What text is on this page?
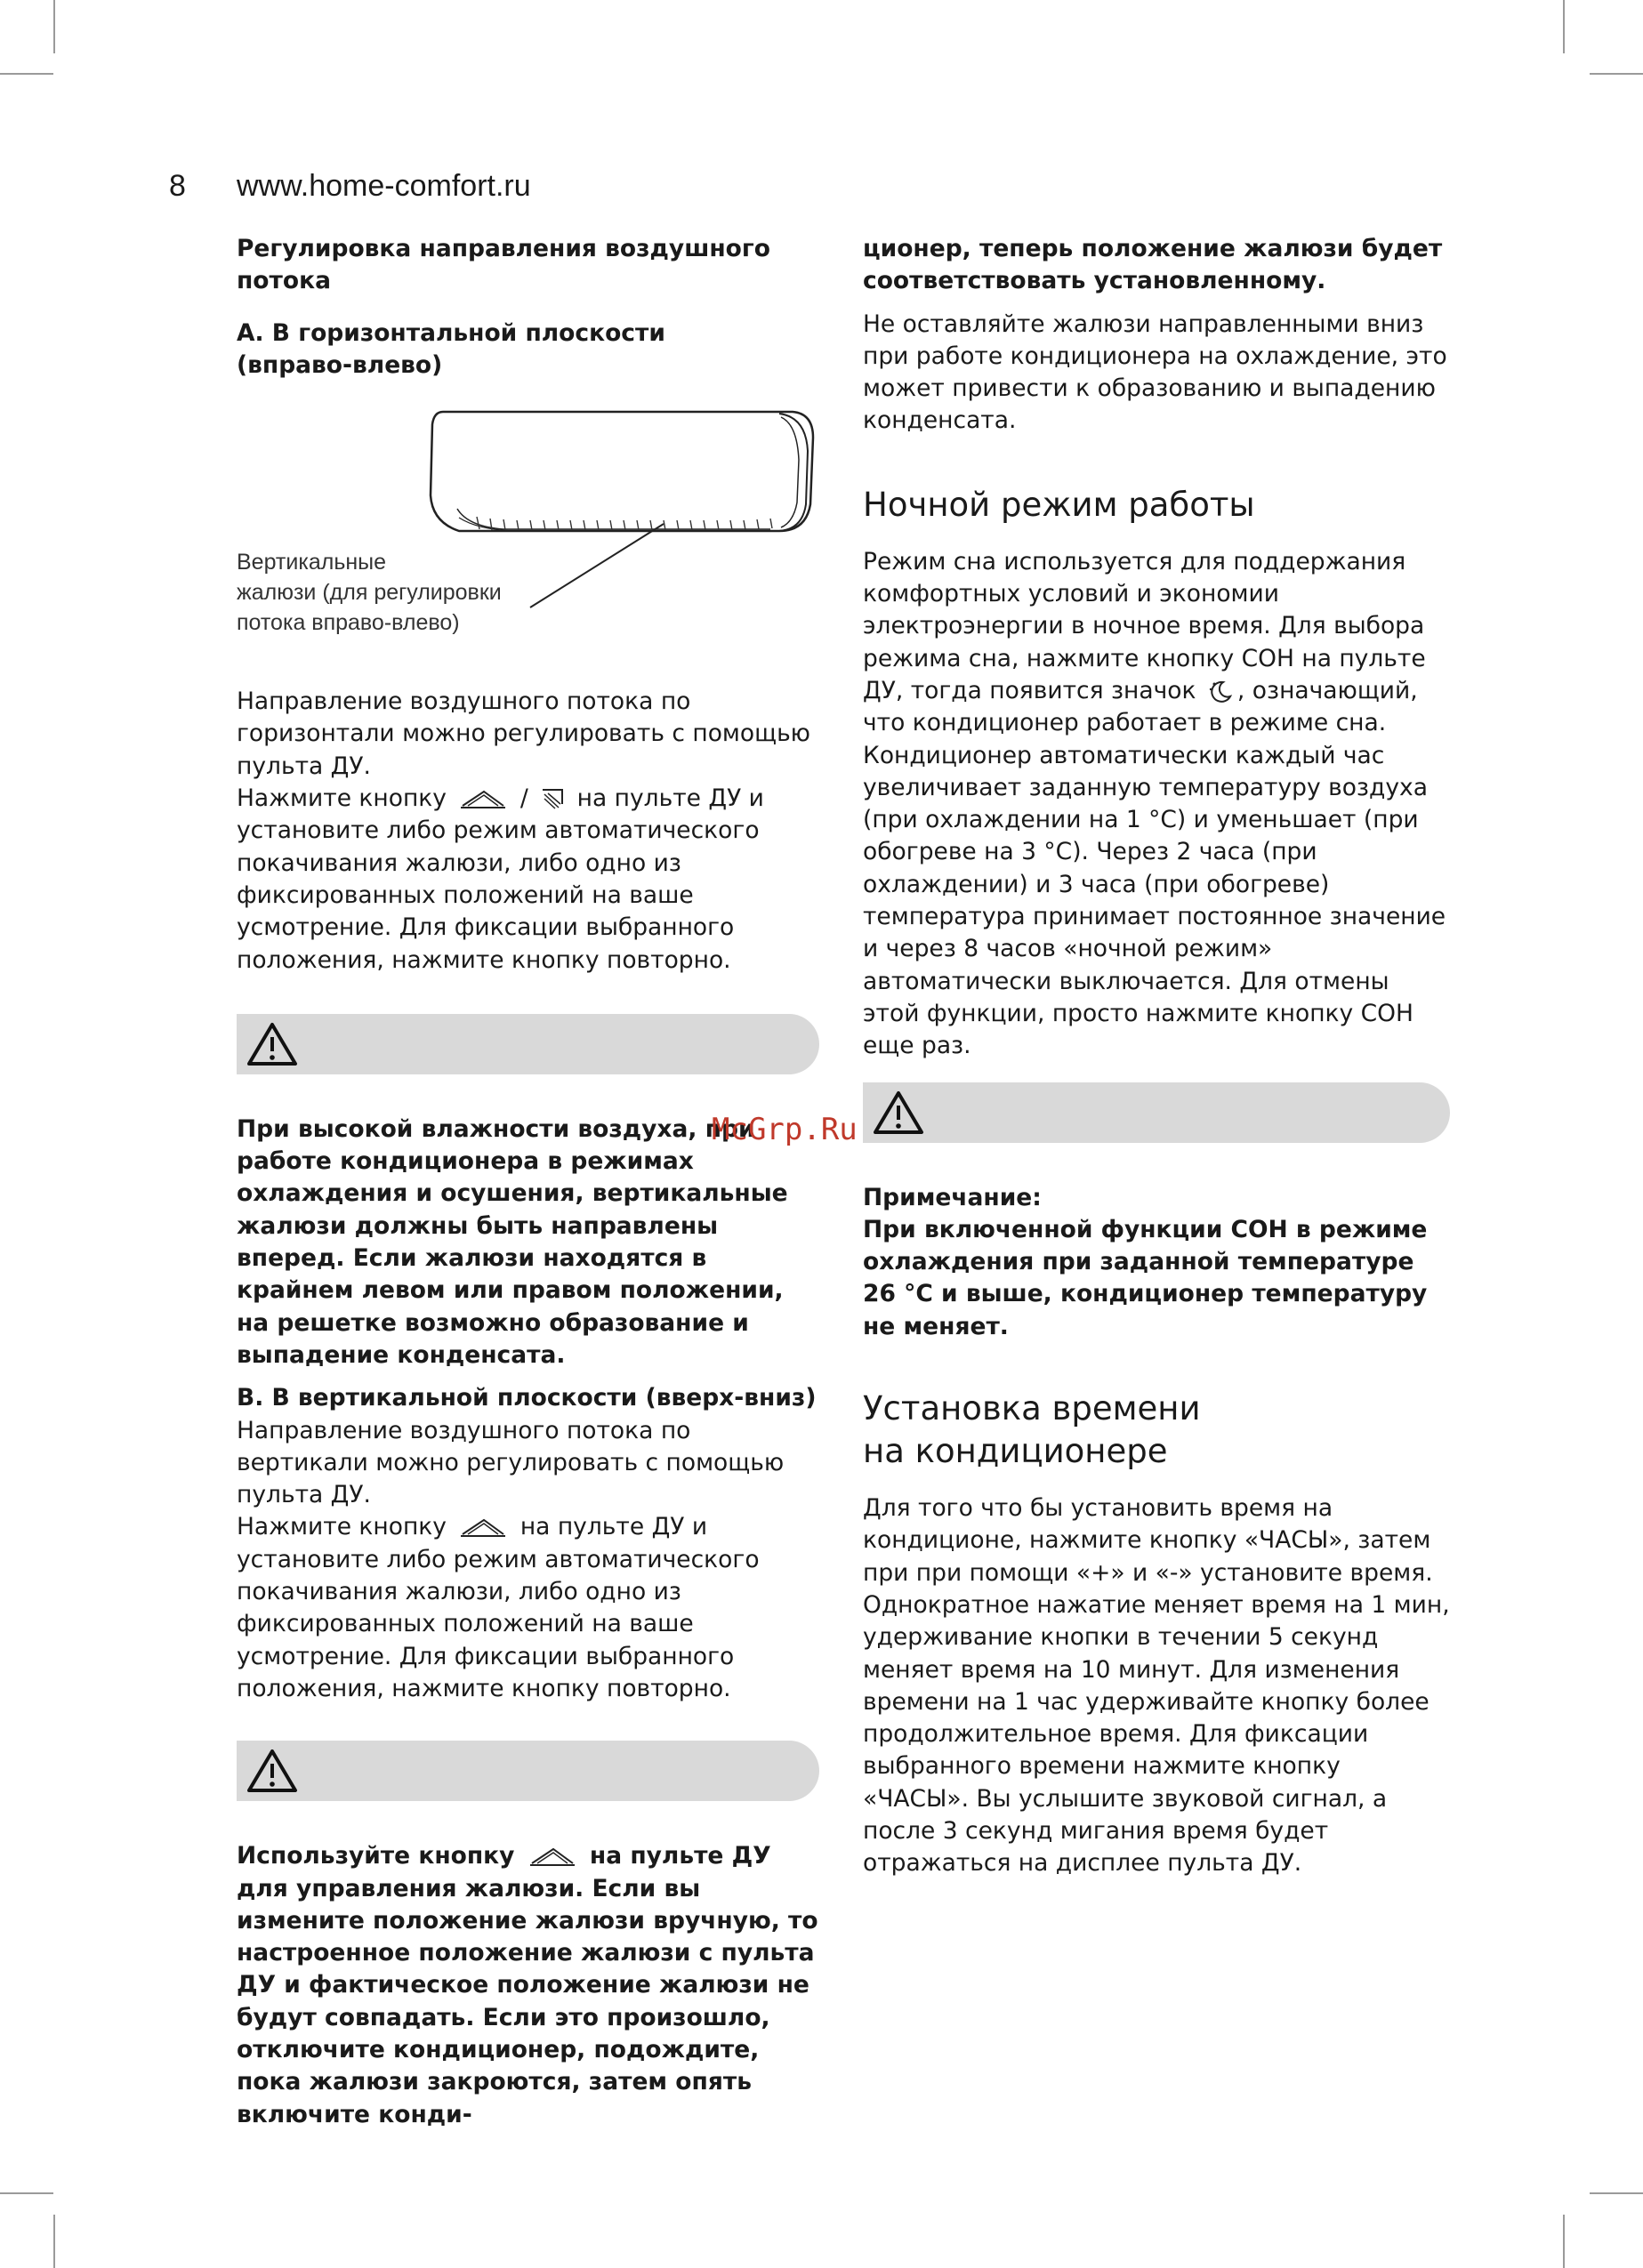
8 www.home-comfort.ru

Регулировка направления воздушного потока

А. В горизонтальной плоскости (вправо-влево)

Вертикальные
жалюзи (для регулировки
потока вправо-влево)

Направление воздушного потока по горизонтали можно регулировать с помощью пульта ДУ.

Нажмите кнопку	/ на пульте ДУ и установите либо режим автоматического покачивания жалюзи, либо одно из фиксированных положений на ваше усмотрение. Для фиксации выбранного положения, нажмите кнопку повторно.

При высокой влажности воздуха, при работе кондиционера в режимах охлаждения и осушения, вертикальные жалюзи должны быть направлены вперед. Если жалюзи находятся в крайнем левом или правом положении, на решетке возможно образование и выпадение конденсата.

В. В вертикальной плоскости (вверх-вниз)

Направление воздушного потока по вертикали можно регулировать с помощью пульта ДУ.

Нажмите кнопку	на пульте ДУ и установите либо режим автоматического покачивания жалюзи, либо одно из фиксированных положений на ваше усмотрение. Для фиксации выбранного положения, нажмите кнопку повторно.

Используйте кнопку	на пульте ДУ для управления жалюзи. Если вы измените положение жалюзи вручную, то настроенное положение жалюзи с пульта ДУ и фактическое положение жалюзи не будут совпадать. Если это произошло, отключите кондиционер, подождите, пока жалюзи закроются, затем опять включите конди-

ционер, теперь положение жалюзи будет соответствовать установленному.

Не оставляйте жалюзи направленными вниз при работе кондиционера на охлаждение, это может привести к образованию и выпадению конденсата.

Ночной режим работы

Режим сна используется для поддержания комфортных условий и экономии электроэнергии в ночное время. Для выбора режима сна, нажмите кнопку СОН на пульте ДУ, тогда появится значок , означающий, что кондиционер работает в режиме сна. Кондиционер автоматически каждый час увеличивает заданную температуру воздуха (при охлаждении на 1 °C) и уменьшает (при обогреве на 3 °C). Через 2 часа (при охлаждении) и 3 часа (при обогреве) температура принимает постоянное значение и через 8 часов «ночной режим» автоматически выключается. Для отмены этой функции, просто нажмите кнопку СОН еще раз.

Примечание:

При включенной функции СОН в режиме охлаждения при заданной температуре 26 °C и выше, кондиционер температуру не меняет.

Установка времени
на кондиционере

Для того что бы установить время на кондиционе, нажмите кнопку «ЧАСЫ», затем при при помощи «+» и «-» установите время. Однократное нажатие меняет время на 1 мин, удерживание кнопки в течении 5 секунд меняет время на 10 минут. Для изменения времени на 1 час удерживайте кнопку более продолжительное время. Для фиксации выбранного времени нажмите кнопку «ЧАСЫ». Вы услышите звуковой сигнал, а после 3 секунд мигания время будет отражаться на дисплее пульта ДУ.

McGrp.Ru
